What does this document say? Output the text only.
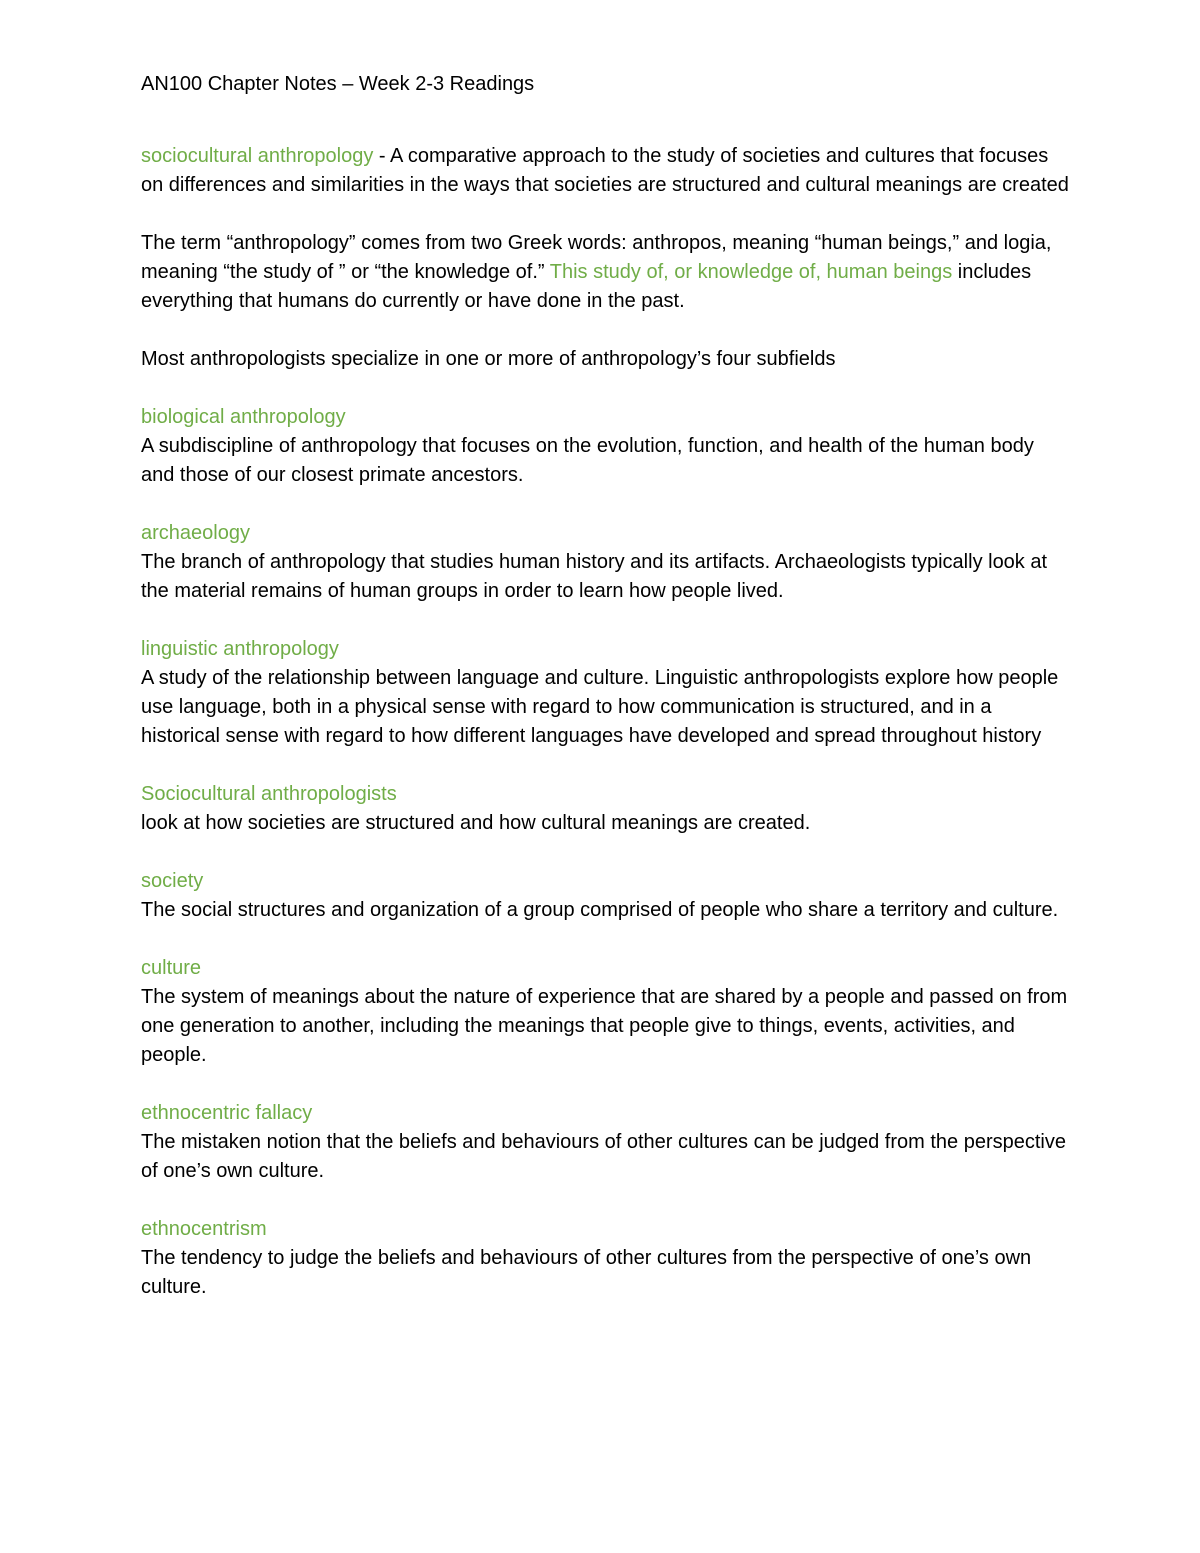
AN100 Chapter Notes – Week 2-3 Readings
sociocultural anthropology - A comparative approach to the study of societies and cultures that focuses on differences and similarities in the ways that societies are structured and cultural meanings are created
The term “anthropology” comes from two Greek words: anthropos, meaning “human beings,” and logia, meaning “the study of ” or “the knowledge of.” This study of, or knowledge of, human beings includes everything that humans do currently or have done in the past.
Most anthropologists specialize in one or more of anthropology’s four subfields
biological anthropology
A subdiscipline of anthropology that focuses on the evolution, function, and health of the human body and those of our closest primate ancestors.
archaeology
The branch of anthropology that studies human history and its artifacts. Archaeologists typically look at the material remains of human groups in order to learn how people lived.
linguistic anthropology
A study of the relationship between language and culture. Linguistic anthropologists explore how people use language, both in a physical sense with regard to how communication is structured, and in a historical sense with regard to how different languages have developed and spread throughout history
Sociocultural anthropologists
look at how societies are structured and how cultural meanings are created.
society
The social structures and organization of a group comprised of people who share a territory and culture.
culture
The system of meanings about the nature of experience that are shared by a people and passed on from one generation to another, including the meanings that people give to things, events, activities, and people.
ethnocentric fallacy
The mistaken notion that the beliefs and behaviours of other cultures can be judged from the perspective of one’s own culture.
ethnocentrism
The tendency to judge the beliefs and behaviours of other cultures from the perspective of one’s own culture.
